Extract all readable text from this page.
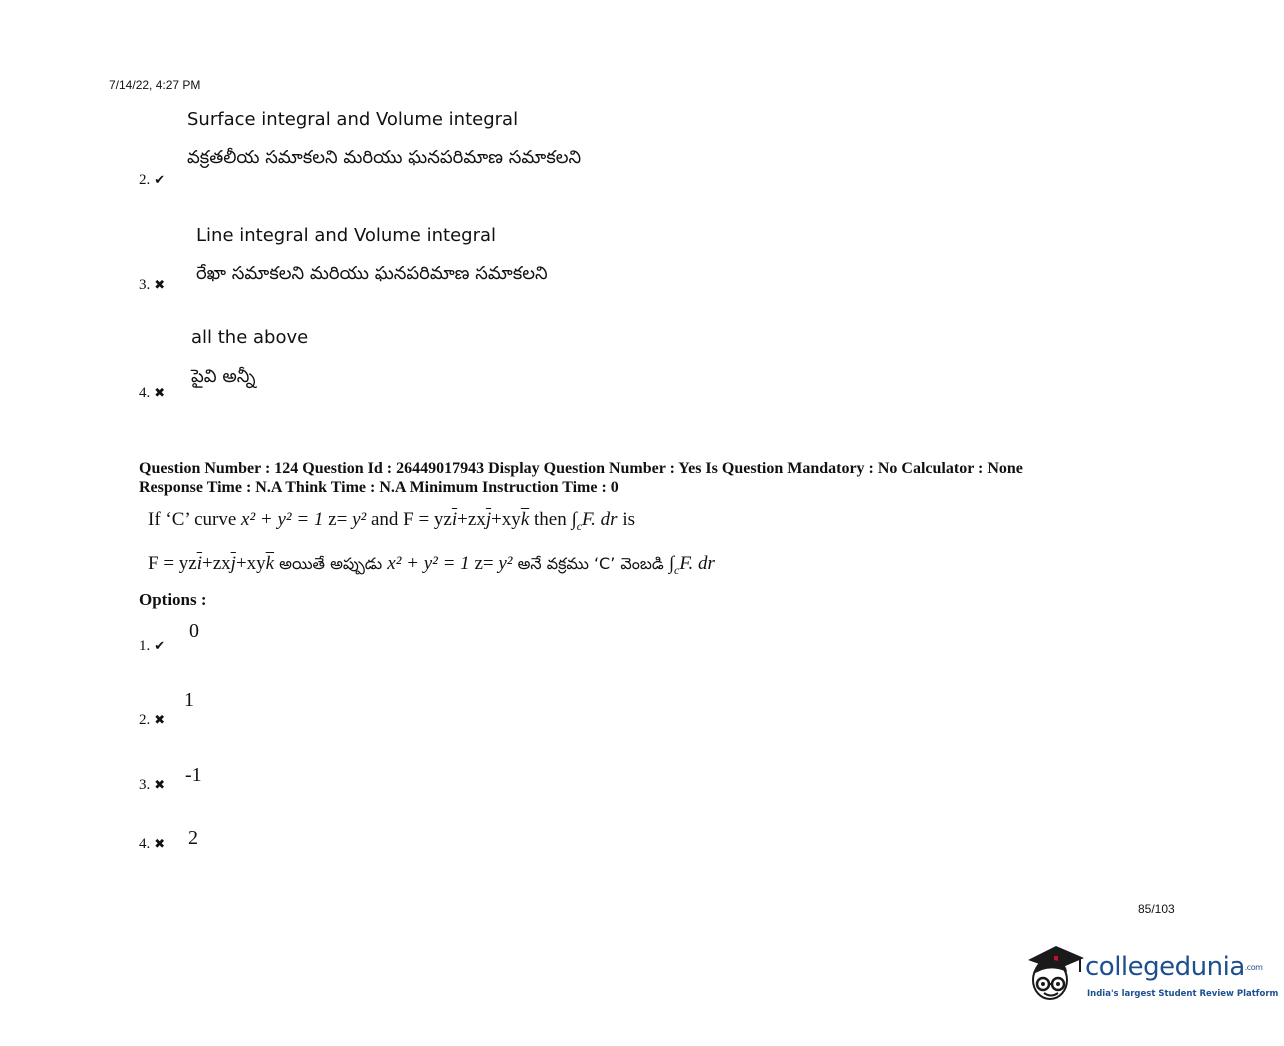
7/14/22, 4:27 PM
Surface integral and Volume integral
వక్రతలీయ సమాకలని మరియు ఘనపరిమాణ సమాకలని
2. ✔
Line integral and Volume integral
రేఖా సమాకలని మరియు ఘనపరిమాణ సమాకలని
3. ✖
all the above
పైవి అన్నీ
4. ✖
Question Number : 124 Question Id : 26449017943 Display Question Number : Yes Is Question Mandatory : No Calculator : None
Response Time : N.A Think Time : N.A Minimum Instruction Time : 0
If ‘C’ curve x² + y² = 1 z= y² and $F = yz\overline{i}+zx\overline{j}+xy\overline{k}$ then $\int_cF$. dr is
$F = yz\overline{i}+zx\overline{j}+xy\overline{k}$ అయితే అప్పుడు x² + y² = 1 z= y² అనే వక్రము ‘C’ వెంబడి $\int_cF$. dr
Options :
0
1. ✔
1
2. ✖
-1
3. ✖
2
4. ✖
85/103
collegedunia.com
India's largest Student Review Platform
